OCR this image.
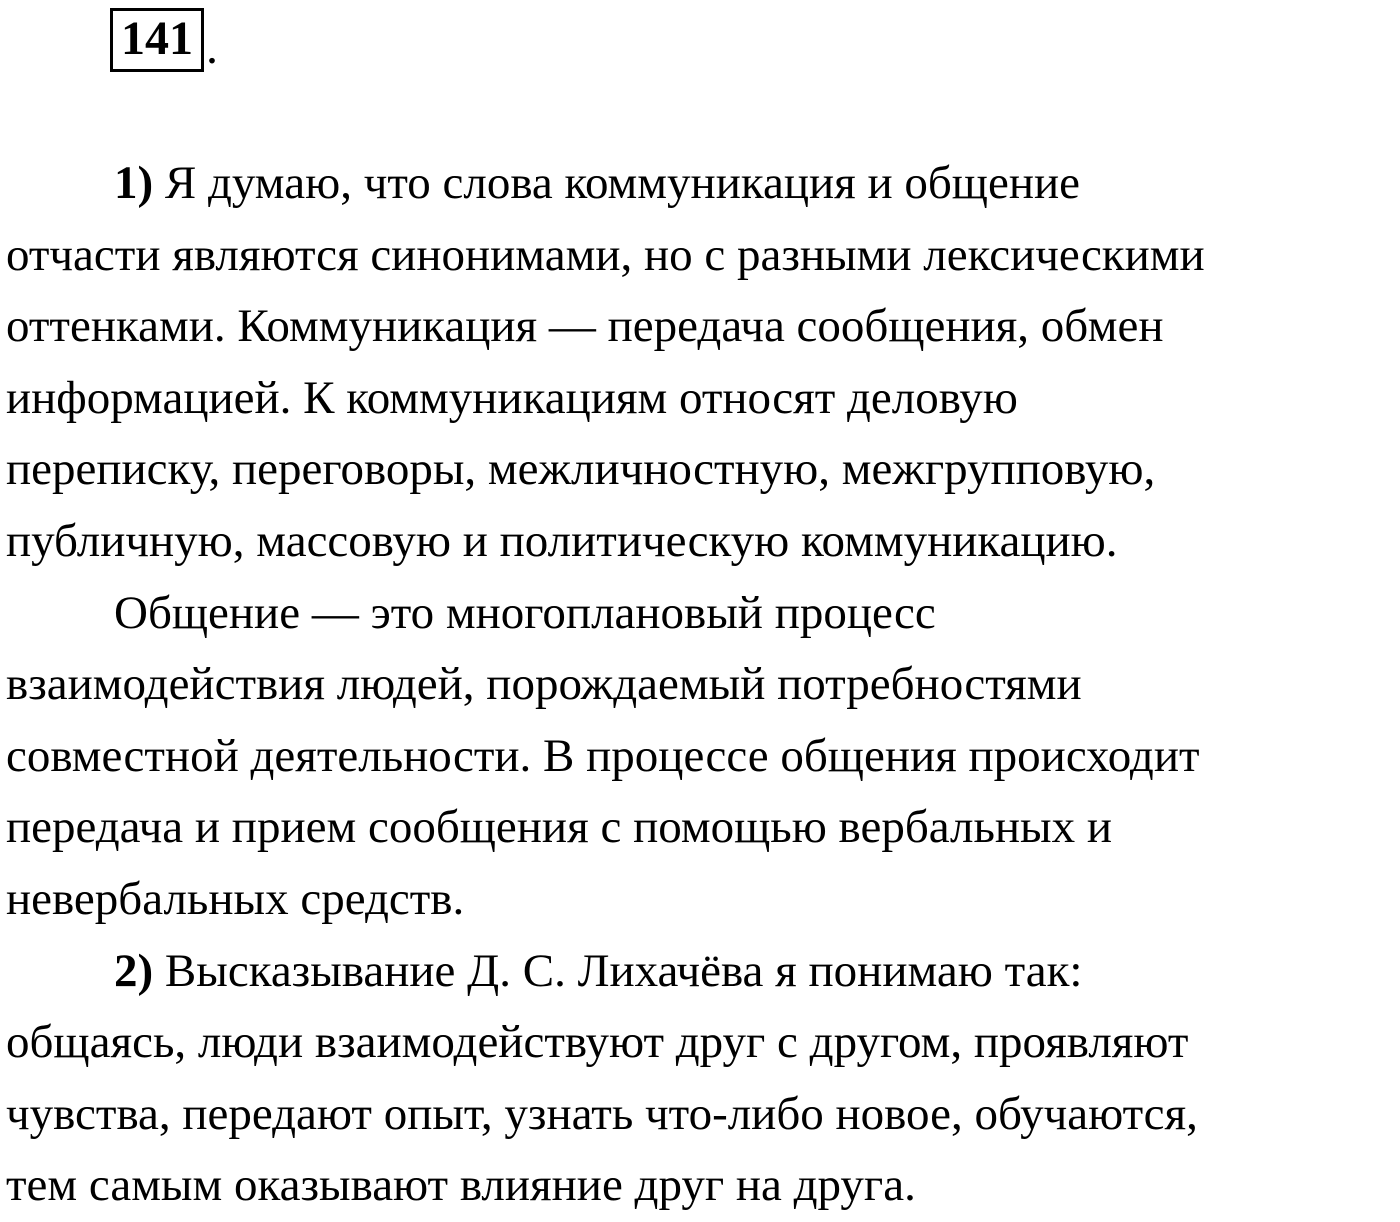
141 .
1) Я думаю, что слова коммуникация и общение
отчасти являются синонимами, но с разными лексическими
оттенками. Коммуникация — передача сообщения, обмен
информацией. К коммуникациям относят деловую
переписку, переговоры, межличностную, межгрупповую,
публичную, массовую и политическую коммуникацию.
Общение — это многоплановый процесс
взаимодействия людей, порождаемый потребностями
совместной деятельности. В процессе общения происходит
передача и прием сообщения с помощью вербальных и
невербальных средств.
2) Высказывание Д. С. Лихачёва я понимаю так:
общаясь, люди взаимодействуют друг с другом, проявляют
чувства, передают опыт, узнать что-либо новое, обучаются,
тем самым оказывают влияние друг на друга.
